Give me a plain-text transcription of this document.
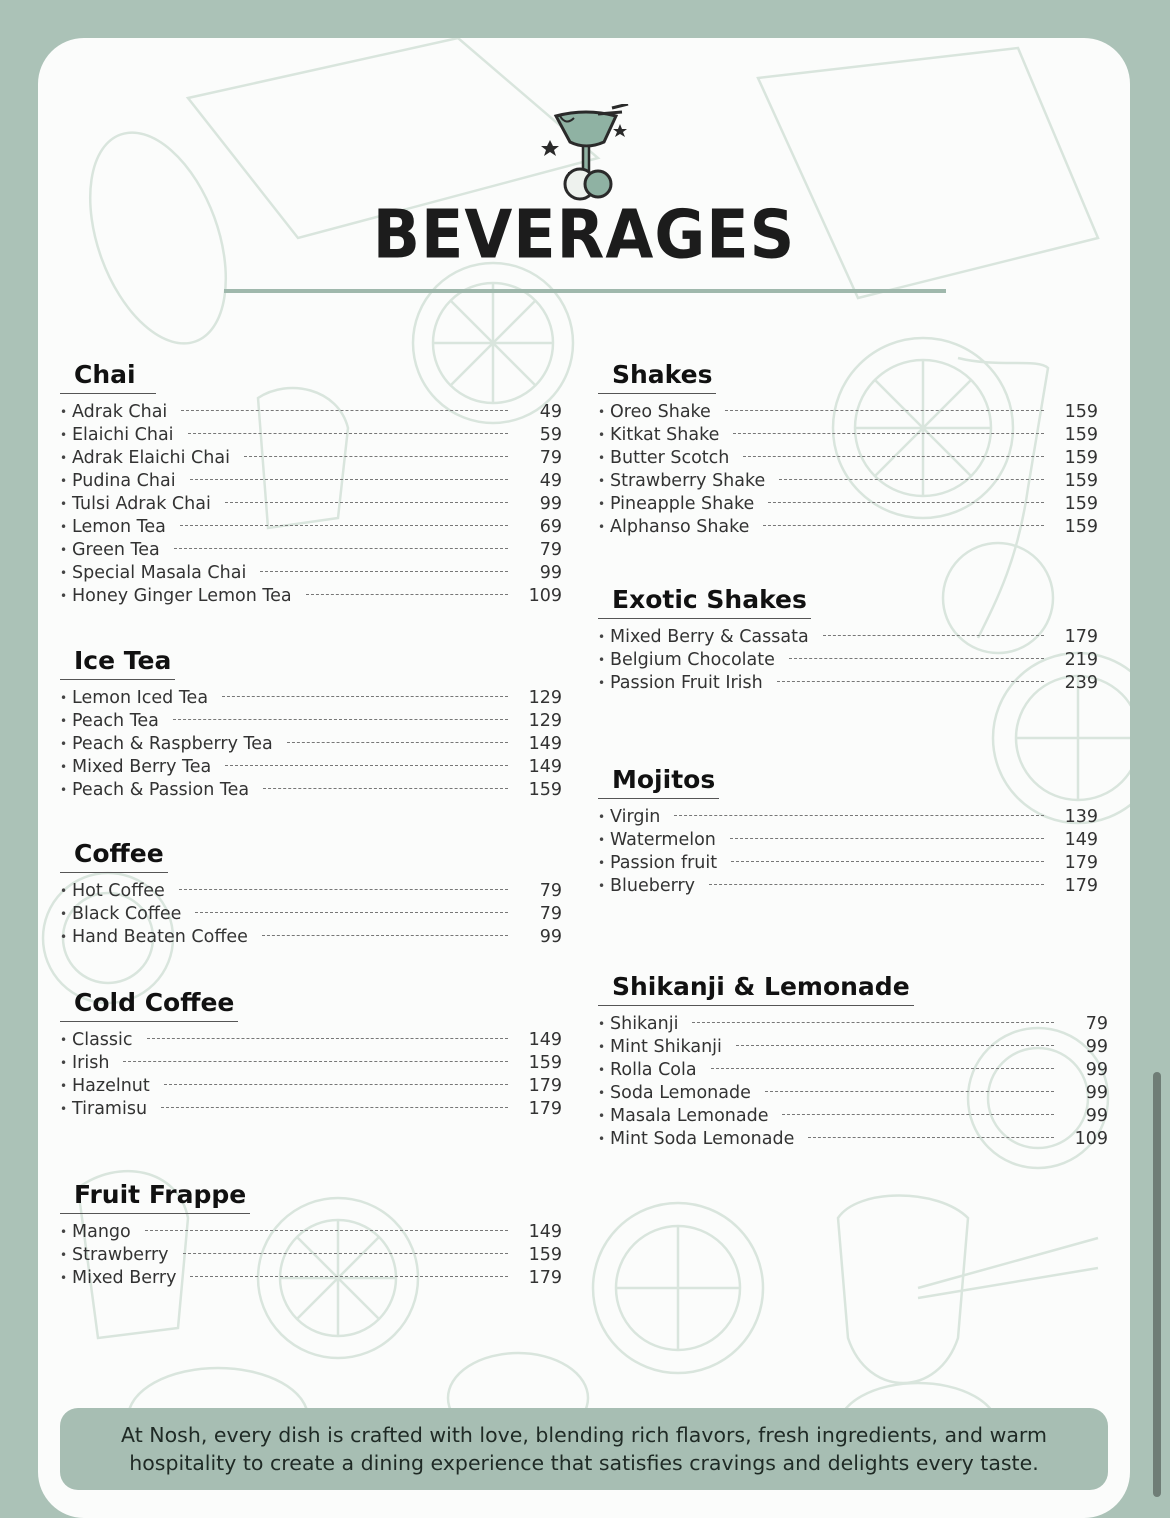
BEVERAGES
Chai
• Adrak Chai	49
• Elaichi Chai	59
• Adrak Elaichi Chai	79
• Pudina Chai	49
• Tulsi Adrak Chai	99
• Lemon Tea	69
• Green Tea	79
• Special Masala Chai	99
• Honey Ginger Lemon Tea	109
Ice Tea
• Lemon Iced Tea	129
• Peach Tea	129
• Peach & Raspberry Tea	149
• Mixed Berry Tea	149
• Peach & Passion Tea	159
Coffee
• Hot Coffee	79
• Black Coffee	79
• Hand Beaten Coffee	99
Cold Coffee
• Classic	149
• Irish	159
• Hazelnut	179
• Tiramisu	179
Fruit Frappe
• Mango	149
• Strawberry	159
• Mixed Berry	179
Shakes
• Oreo Shake	159
• Kitkat Shake	159
• Butter Scotch	159
• Strawberry Shake	159
• Pineapple Shake	159
• Alphanso Shake	159
Exotic Shakes
• Mixed Berry & Cassata	179
• Belgium Chocolate	219
• Passion Fruit Irish	239
Mojitos
• Virgin	139
• Watermelon	149
• Passion fruit	179
• Blueberry	179
Shikanji & Lemonade
• Shikanji	79
• Mint Shikanji	99
• Rolla Cola	99
• Soda Lemonade	99
• Masala Lemonade	99
• Mint Soda Lemonade	109

At Nosh, every dish is crafted with love, blending rich flavors, fresh ingredients, and warm
hospitality to create a dining experience that satisfies cravings and delights every taste.
